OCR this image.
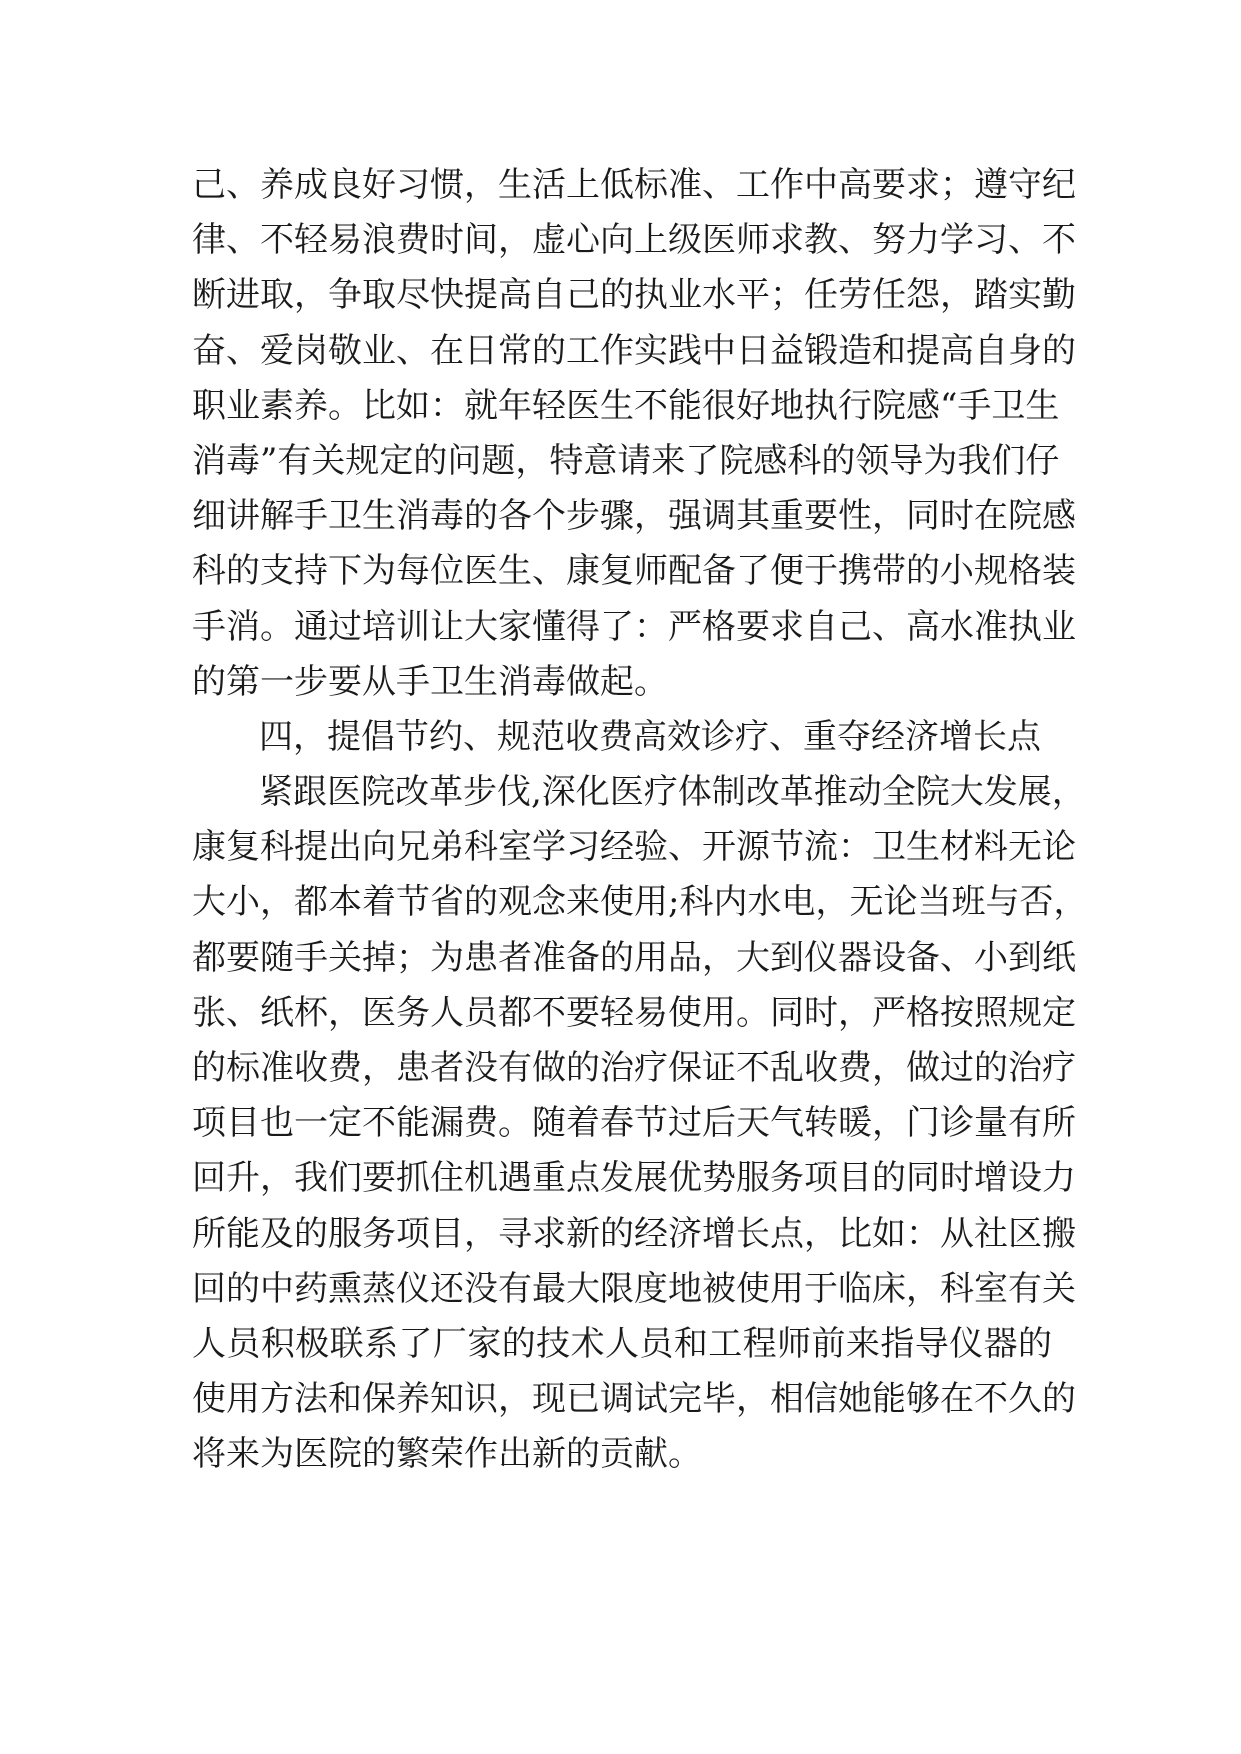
己、养成良好习惯，生活上低标准、工作中高要求；遵守纪
律、不轻易浪费时间，虚心向上级医师求教、努力学习、不
断进取，争取尽快提高自己的执业水平；任劳任怨，踏实勤
奋、爱岗敬业、在日常的工作实践中日益锻造和提高自身的
职业素养。比如：就年轻医生不能很好地执行院感“手卫生
消毒”有关规定的问题，特意请来了院感科的领导为我们仔
细讲解手卫生消毒的各个步骤，强调其重要性，同时在院感
科的支持下为每位医生、康复师配备了便于携带的小规格装
手消。通过培训让大家懂得了：严格要求自己、高水准执业
的第一步要从手卫生消毒做起。
四，提倡节约、规范收费高效诊疗、重夺经济增长点
紧跟医院改革步伐,深化医疗体制改革推动全院大发展，
康复科提出向兄弟科室学习经验、开源节流：卫生材料无论
大小，都本着节省的观念来使用;科内水电，无论当班与否，
都要随手关掉；为患者准备的用品，大到仪器设备、小到纸
张、纸杯，医务人员都不要轻易使用。同时，严格按照规定
的标准收费，患者没有做的治疗保证不乱收费，做过的治疗
项目也一定不能漏费。随着春节过后天气转暖，门诊量有所
回升，我们要抓住机遇重点发展优势服务项目的同时增设力
所能及的服务项目，寻求新的经济增长点，比如：从社区搬
回的中药熏蒸仪还没有最大限度地被使用于临床，科室有关
人员积极联系了厂家的技术人员和工程师前来指导仪器的
使用方法和保养知识，现已调试完毕，相信她能够在不久的
将来为医院的繁荣作出新的贡献。
